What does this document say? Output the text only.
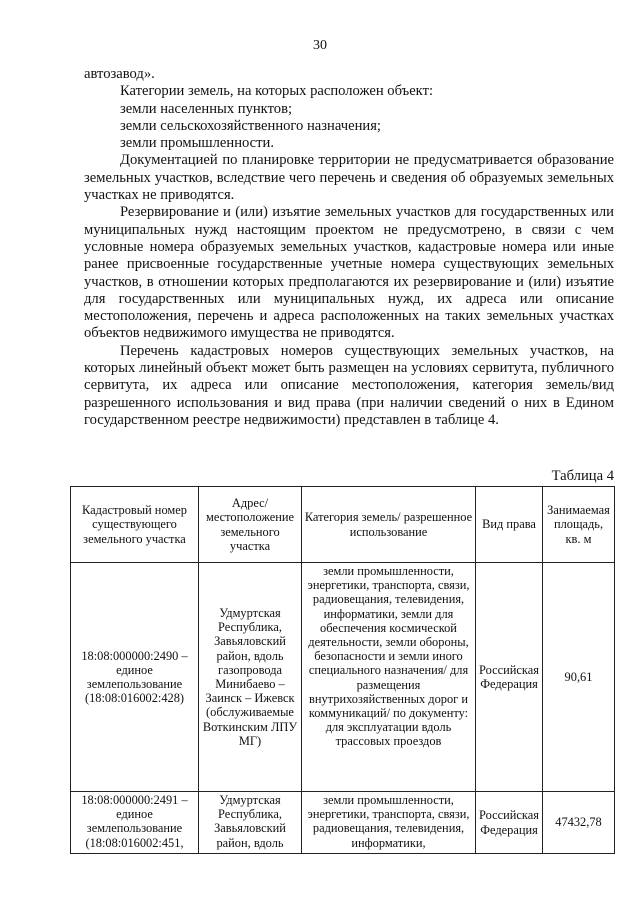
30

автозавод».

Категории земель, на которых расположен объект:

земли населенных пунктов;

земли сельскохозяйственного назначения;

земли промышленности.

Документацией по планировке территории не предусматривается образование земельных участков, вследствие чего перечень и сведения об образуемых земельных участках не приводятся.

Резервирование и (или) изъятие земельных участков для государственных или муниципальных нужд настоящим проектом не предусмотрено, в связи с чем условные номера образуемых земельных участков, кадастровые номера или иные ранее присвоенные государственные учетные номера существующих земельных участков, в отношении которых предполагаются их резервирование и (или) изъятие для государственных или муниципальных нужд, их адреса или описание местоположения, перечень и адреса расположенных на таких земельных участках объектов недвижимого имущества не приводятся.

Перечень кадастровых номеров существующих земельных участков, на которых линейный объект может быть размещен на условиях сервитута, публичного сервитута, их адреса или описание местоположения, категория земель/вид разрешенного использования и вид права (при наличии сведений о них в Едином государственном реестре недвижимости) представлен в таблице 4.

Таблица 4
Кадастровый номер существующего земельного участка	Адрес/ местоположение земельного участка	Категория земель/ разрешенное использование	Вид права	Занимаемая площадь, кв. м
18:08:000000:2490 – единое землепользование (18:08:016002:428)	Удмуртская Республика, Завьяловский район, вдоль газопровода Минибаево – Заинск – Ижевск (обслуживаемые Воткинским ЛПУ МГ)	земли промышленности, энергетики, транспорта, связи, радиовещания, телевидения, информатики, земли для обеспечения космической деятельности, земли обороны, безопасности и земли иного специального назначения/ для размещения внутрихозяйственных дорог и коммуникаций/ по документу: для эксплуатации вдоль трассовых проездов	Российская Федерация	90,61
18:08:000000:2491 – единое землепользование (18:08:016002:451,	Удмуртская Республика, Завьяловский район, вдоль	земли промышленности, энергетики, транспорта, связи, радиовещания, телевидения, информатики,	Российская Федерация	47432,78
